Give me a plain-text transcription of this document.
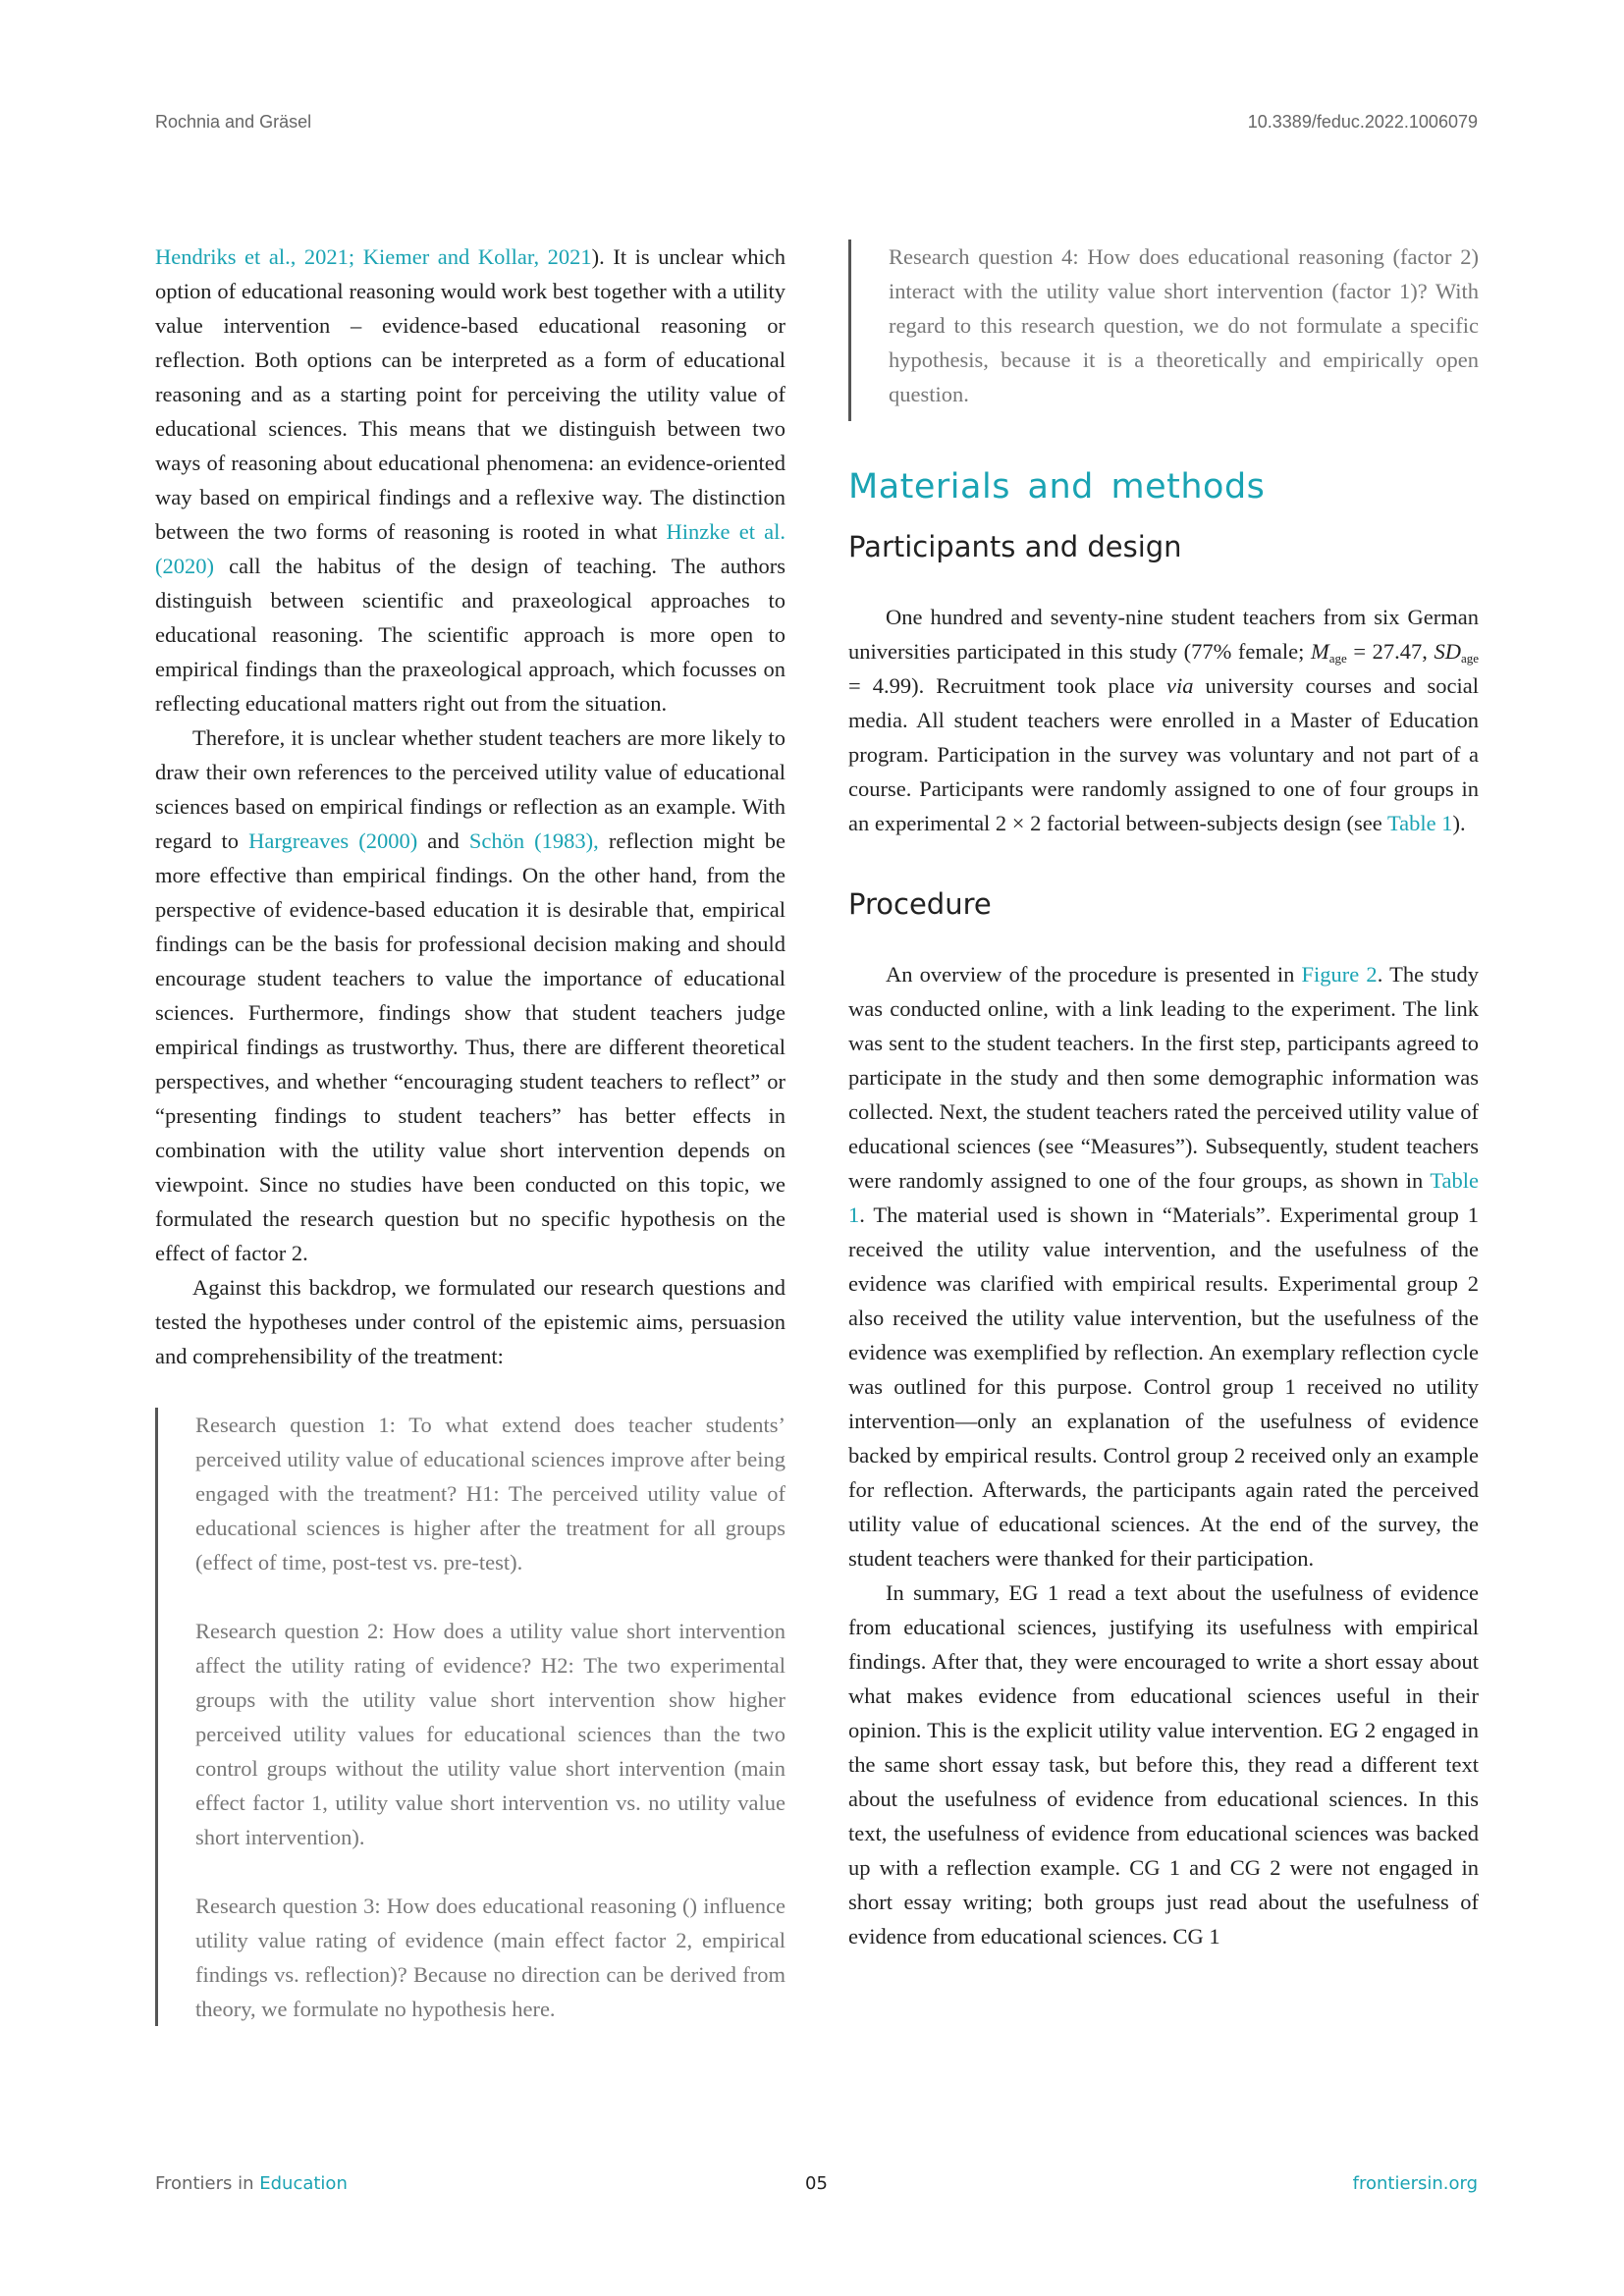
Rochnia and Gräsel	10.3389/feduc.2022.1006079

Hendriks et al., 2021; Kiemer and Kollar, 2021). It is unclear which option of educational reasoning would work best together with a utility value intervention – evidence-based educational reasoning or reflection. Both options can be interpreted as a form of educational reasoning and as a starting point for perceiving the utility value of educational sciences. This means that we distinguish between two ways of reasoning about educational phenomena: an evidence-oriented way based on empirical findings and a reflexive way. The distinction between the two forms of reasoning is rooted in what Hinzke et al. (2020) call the habitus of the design of teaching. The authors distinguish between scientific and praxeological approaches to educational reasoning. The scientific approach is more open to empirical findings than the praxeological approach, which focusses on reflecting educational matters right out from the situation.

Therefore, it is unclear whether student teachers are more likely to draw their own references to the perceived utility value of educational sciences based on empirical findings or reflection as an example. With regard to Hargreaves (2000) and Schön (1983), reflection might be more effective than empirical findings. On the other hand, from the perspective of evidence-based education it is desirable that, empirical findings can be the basis for professional decision making and should encourage student teachers to value the importance of educational sciences. Furthermore, findings show that student teachers judge empirical findings as trustworthy. Thus, there are different theoretical perspectives, and whether “encouraging student teachers to reflect” or “presenting findings to student teachers” has better effects in combination with the utility value short intervention depends on viewpoint. Since no studies have been conducted on this topic, we formulated the research question but no specific hypothesis on the effect of factor 2.

Against this backdrop, we formulated our research questions and tested the hypotheses under control of the epistemic aims, persuasion and comprehensibility of the treatment:

Research question 1: To what extend does teacher students’ perceived utility value of educational sciences improve after being engaged with the treatment? H1: The perceived utility value of educational sciences is higher after the treatment for all groups (effect of time, post-test vs. pre-test).

Research question 2: How does a utility value short intervention affect the utility rating of evidence? H2: The two experimental groups with the utility value short intervention show higher perceived utility values for educational sciences than the two control groups without the utility value short intervention (main effect factor 1, utility value short intervention vs. no utility value short intervention).

Research question 3: How does educational reasoning () influence utility value rating of evidence (main effect factor 2, empirical findings vs. reflection)? Because no direction can be derived from theory, we formulate no hypothesis here.

Research question 4: How does educational reasoning (factor 2) interact with the utility value short intervention (factor 1)? With regard to this research question, we do not formulate a specific hypothesis, because it is a theoretically and empirically open question.

Materials and methods
Participants and design

One hundred and seventy-nine student teachers from six German universities participated in this study (77% female; $M_{age} = 27.47$, $SD_{age} = 4.99$). Recruitment took place via university courses and social media. All student teachers were enrolled in a Master of Education program. Participation in the survey was voluntary and not part of a course. Participants were randomly assigned to one of four groups in an experimental 2 × 2 factorial between-subjects design (see Table 1).

Procedure

An overview of the procedure is presented in Figure 2. The study was conducted online, with a link leading to the experiment. The link was sent to the student teachers. In the first step, participants agreed to participate in the study and then some demographic information was collected. Next, the student teachers rated the perceived utility value of educational sciences (see “Measures”). Subsequently, student teachers were randomly assigned to one of the four groups, as shown in Table 1. The material used is shown in “Materials”. Experimental group 1 received the utility value intervention, and the usefulness of the evidence was clarified with empirical results. Experimental group 2 also received the utility value intervention, but the usefulness of the evidence was exemplified by reflection. An exemplary reflection cycle was outlined for this purpose. Control group 1 received no utility intervention—only an explanation of the usefulness of evidence backed by empirical results. Control group 2 received only an example for reflection. Afterwards, the participants again rated the perceived utility value of educational sciences. At the end of the survey, the student teachers were thanked for their participation.

In summary, EG 1 read a text about the usefulness of evidence from educational sciences, justifying its usefulness with empirical findings. After that, they were encouraged to write a short essay about what makes evidence from educational sciences useful in their opinion. This is the explicit utility value intervention. EG 2 engaged in the same short essay task, but before this, they read a different text about the usefulness of evidence from educational sciences. In this text, the usefulness of evidence from educational sciences was backed up with a reflection example. CG 1 and CG 2 were not engaged in short essay writing; both groups just read about the usefulness of evidence from educational sciences. CG 1

Frontiers in Education	05	frontiersin.org
